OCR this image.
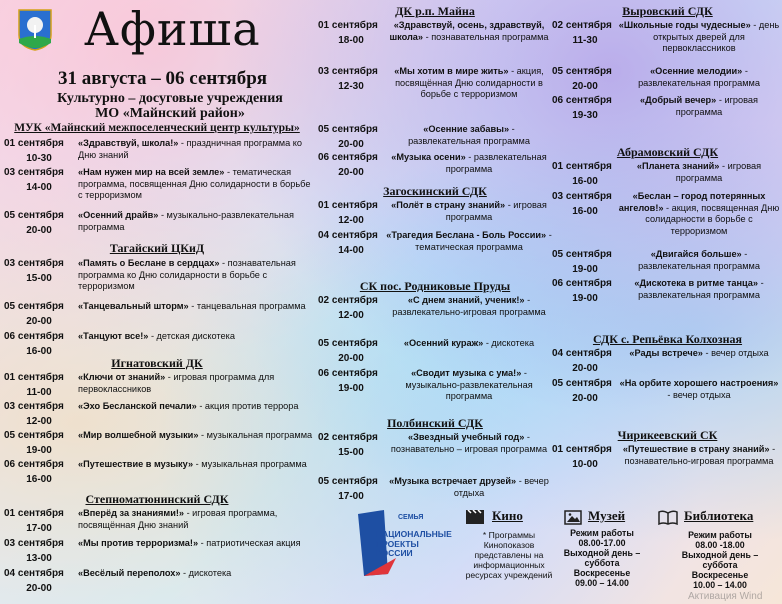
Афиша
31 августа – 06 сентября
Культурно – досуговые учреждения
МО «Майнский район»
МУК «Майнский межпоселенческий центр культуры»
01 сентября
10-30
«Здравствуй, школа!» - праздничная программа ко Дню знаний
03 сентября
14-00
«Нам нужен мир на всей земле» - тематическая программа, посвященная Дню солидарности в борьбе с терроризмом
05 сентября
20-00
«Осенний драйв» - музыкально-развлекательная программа
Тагайский ЦКиД
03 сентября
15-00
«Память о Беслане в сердцах» - познавательная программа ко Дню солидарности в борьбе с терроризмом
05 сентября
20-00
«Танцевальный шторм» - танцевальная программа
06 сентября
16-00
«Танцуют все!» - детская дискотека
Игнатовский ДК
01 сентября
11-00
«Ключи от знаний» - игровая программа для первоклассников
03 сентября
12-00
«Эхо Бесланской печали» - акция против террора
05 сентября
19-00
«Мир волшебной музыки» - музыкальная программа
06 сентября
16-00
«Путешествие в музыку» - музыкальная программа
Степноматюнинский СДК
01 сентября
17-00
«Вперёд за знаниями!» - игровая программа, посвящённая Дню знаний
03 сентября
13-00
«Мы против терроризма!» - патриотическая акция
04 сентября
20-00
«Весёлый переполох» - дискотека
ДК р.п. Майна
01 сентября
18-00
«Здравствуй, осень, здравствуй, школа» - познавательная программа
03 сентября
12-30
«Мы хотим в мире жить» - акция, посвящённая Дню солидарности в борьбе с терроризмом
05 сентября
20-00
«Осенние забавы» - развлекательная программа
06 сентября
20-00
«Музыка осени» - развлекательная программа
Загоскинский СДК
01 сентября
12-00
«Полёт в страну знаний» - игровая программа
04 сентября
14-00
«Трагедия Беслана - Боль России» - тематическая программа
СК пос. Родниковые Пруды
02 сентября
12-00
«С днем знаний, ученик!» - развлекательно-игровая программа
05 сентября
20-00
«Осенний кураж» - дискотека
06 сентября
19-00
«Сводит музыка с ума!» - музыкально-развлекательная программа
Полбинский СДК
02 сентября
15-00
«Звездный учебный год» - познавательно – игровая программа
05 сентября
17-00
«Музыка встречает друзей» - вечер отдыха
Выровский СДК
02 сентября
11-30
«Школьные годы чудесные» - день открытых дверей для первоклассников
05 сентября
20-00
«Осенние мелодии» - развлекательная программа
06 сентября
19-30
«Добрый вечер» - игровая программа
Абрамовский СДК
01 сентября
16-00
«Планета знаний» - игровая программа
03 сентября
16-00
«Беслан – город потерянных ангелов!» - акция, посвященная Дню солидарности в борьбе с терроризмом
05 сентября
19-00
«Двигайся больше» - развлекательная программа
06 сентября
19-00
«Дискотека в ритме танца» - развлекательная программа
СДК с. Репьёвка Колхозная
04 сентября
20-00
«Рады встрече» - вечер отдыха
05 сентября
20-00
«На орбите хорошего настроения» - вечер отдыха
Чирикеевский СК
01 сентября
10-00
«Путешествие в страну знаний» - познавательно-игровая программа
СЕМЬЯ
НАЦИОНАЛЬНЫЕ
ПРОЕКТЫ
РОССИИ
Кино
* Программы Кинопоказов представлены на информационных ресурсах учреждений
Музей
Режим работы
08.00-17.00
Выходной день –
суббота
Воскресенье
09.00 – 14.00
Библиотека
Режим работы
08.00 -18.00
Выходной день –
суббота
Воскресенье
10.00 – 14.00
Активация Wind
